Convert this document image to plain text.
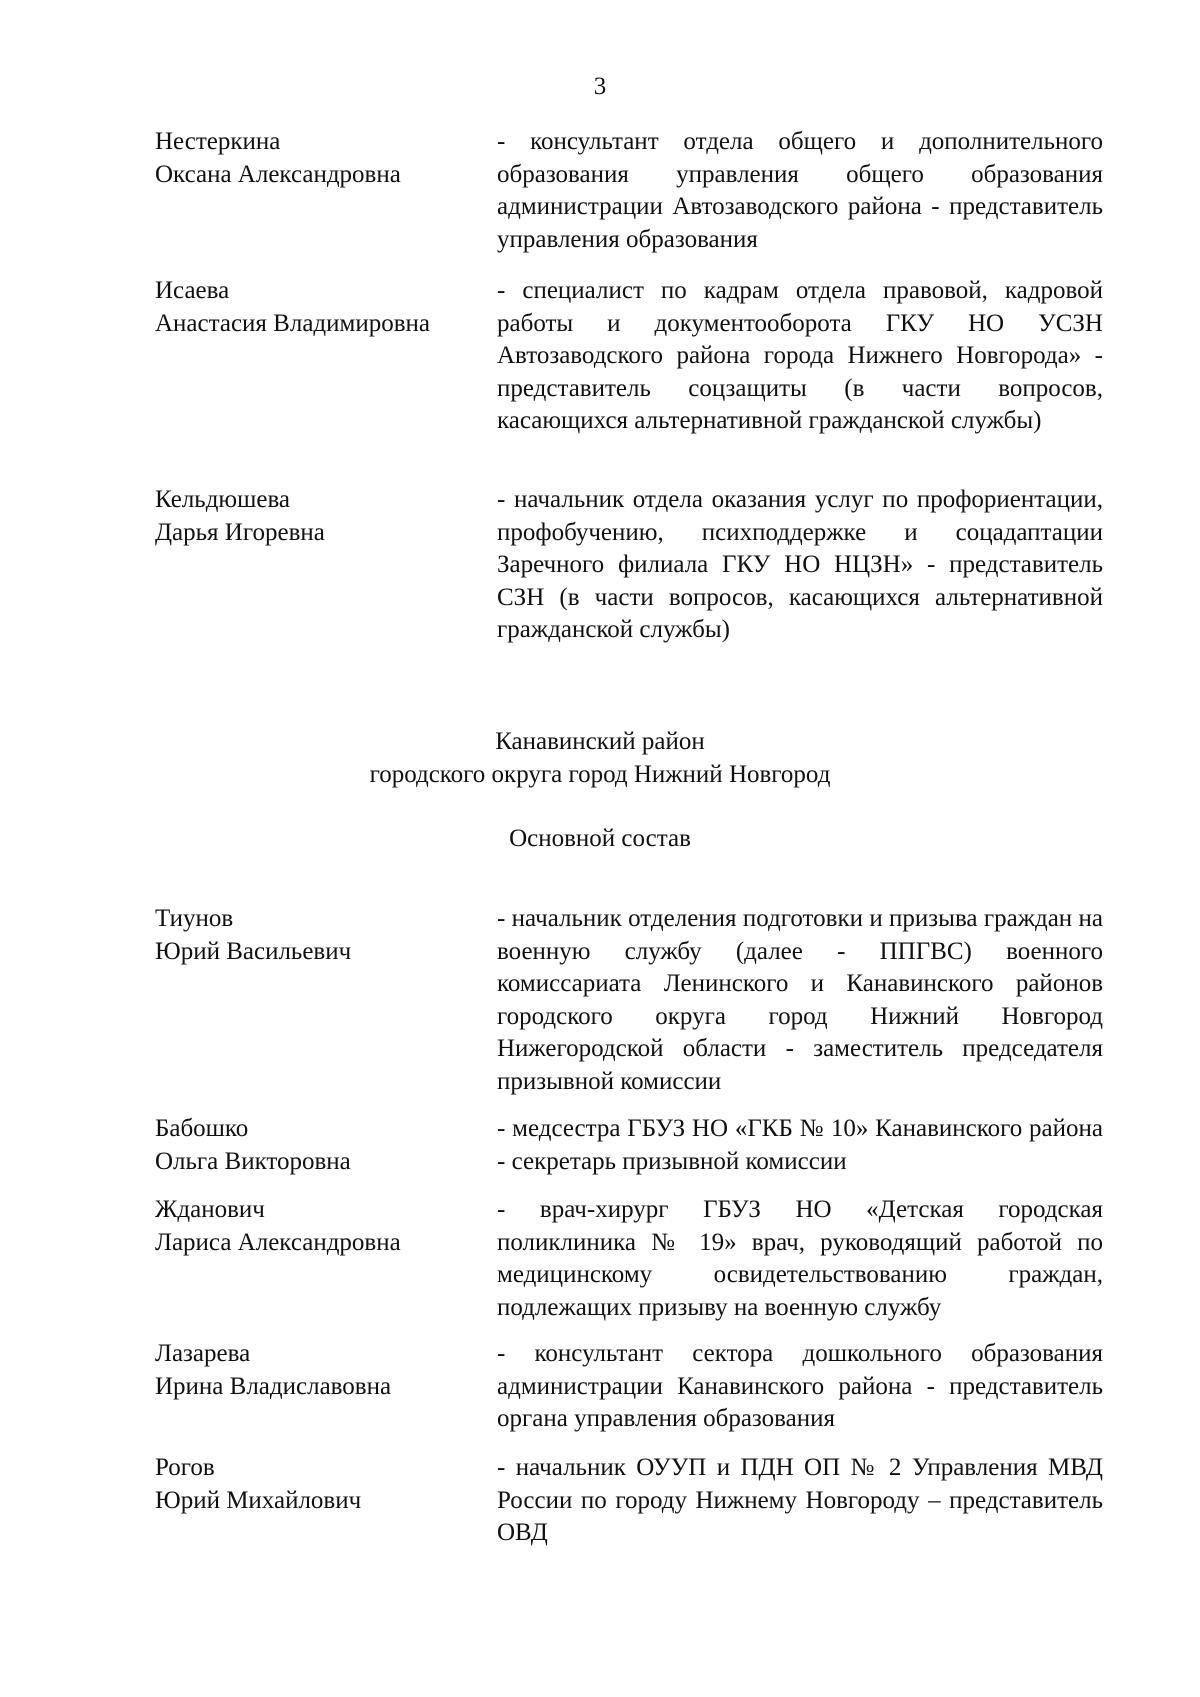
3

Нестеркина
Оксана Александровна

- консультант отдела общего и дополнительного образования управления общего образования администрации Автозаводского района - представитель управления образования

Исаева
Анастасия Владимировна

- специалист по кадрам отдела правовой, кадровой работы и документооборота ГКУ НО УСЗН Автозаводского района города Нижнего Новгорода» - представитель соцзащиты (в части вопросов, касающихся альтернативной гражданской службы)

Кельдюшева
Дарья Игоревна

- начальник отдела оказания услуг по профориентации, профобучению, психподдержке и соцадаптации Заречного филиала ГКУ НО НЦЗН» - представитель СЗН (в части вопросов, касающихся альтернативной гражданской службы)

Канавинский район
городского округа город Нижний Новгород

Основной состав

Тиунов
Юрий Васильевич

- начальник отделения подготовки и призыва граждан на военную службу (далее - ППГВС) военного комиссариата Ленинского и Канавинского районов городского округа город Нижний Новгород Нижегородской области - заместитель председателя призывной комиссии

Бабошко
Ольга Викторовна

- медсестра ГБУЗ НО «ГКБ № 10» Канавинского района - секретарь призывной комиссии

Жданович
Лариса Александровна

- врач-хирург ГБУЗ НО «Детская городская поликлиника № 19» врач, руководящий работой по медицинскому освидетельствованию граждан, подлежащих призыву на военную службу

Лазарева
Ирина Владиславовна

- консультант сектора дошкольного образования администрации Канавинского района - представитель органа управления образования

Рогов
Юрий Михайлович

- начальник ОУУП и ПДН ОП № 2 Управления МВД России по городу Нижнему Новгороду – представитель ОВД
